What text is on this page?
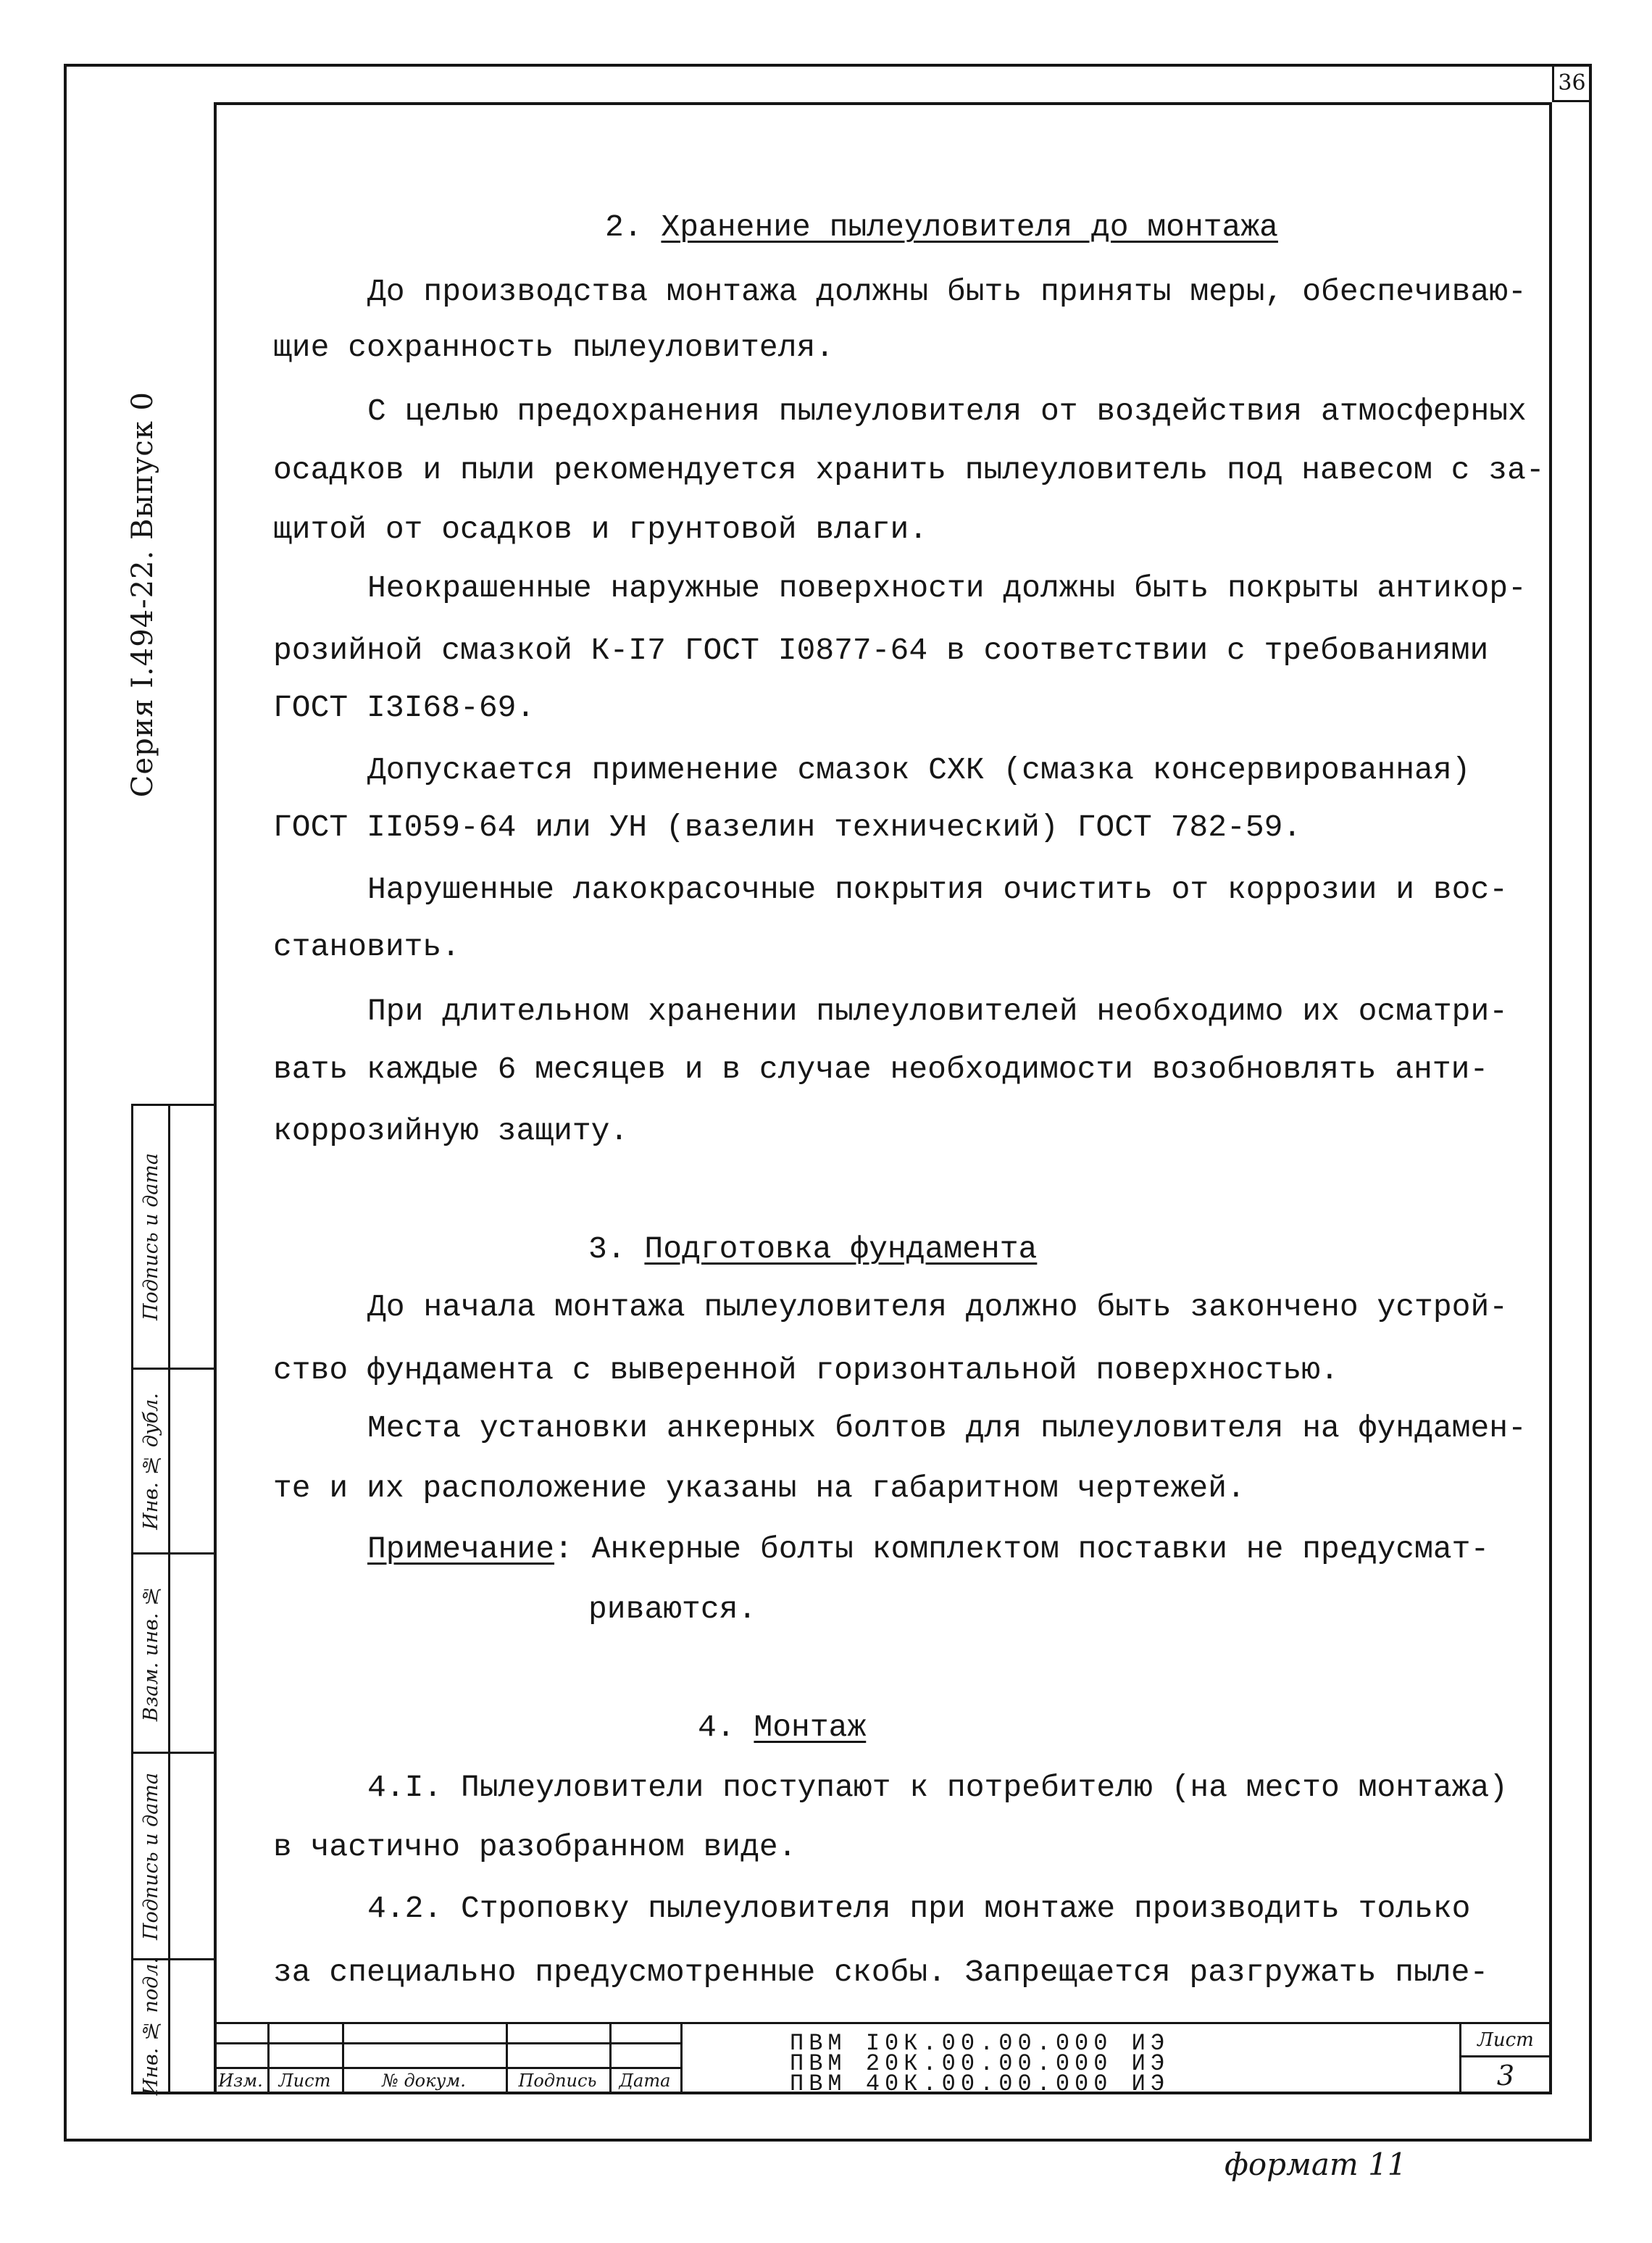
36
Серия I.494-22. Выпуск 0
Подпись и дата
Инв. № дубл.
Взам. инв. №
Подпись и дата
Инв. № подл.
2. Хранение пылеуловителя до монтажа
До производства монтажа должны быть приняты меры, обеспечиваю-
щие сохранность пылеуловителя.
С целью предохранения пылеуловителя от воздействия атмосферных
осадков и пыли рекомендуется хранить пылеуловитель под навесом с за-
щитой от осадков и грунтовой влаги.
Неокрашенные наружные поверхности должны быть покрыты антикор-
розийной смазкой К-I7 ГОСТ I0877-64 в соответствии с требованиями
ГОСТ I3I68-69.
Допускается применение смазок СХК (смазка консервированная)
ГОСТ II059-64 или УН (вазелин технический) ГОСТ 782-59.
Нарушенные лакокрасочные покрытия очистить от коррозии и вос-
становить.
При длительном хранении пылеуловителей необходимо их осматри-
вать каждые 6 месяцев и в случае необходимости возобновлять анти-
коррозийную защиту.
3. Подготовка фундамента
До начала монтажа пылеуловителя должно быть закончено устрой-
ство фундамента с выверенной горизонтальной поверхностью.
Места установки анкерных болтов для пылеуловителя на фундамен-
те и их расположение указаны на габаритном чертежей.
Примечание: Анкерные болты комплектом поставки не предусмат-
риваются.
4. Монтаж
4.I. Пылеуловители поступают к потребителю (на место монтажа)
в частично разобранном виде.
4.2. Строповку пылеуловителя при монтаже производить только
за специально предусмотренные скобы. Запрещается разгружать пыле-
Изм. Лист	№ докум.	Подпись	Дата
ПВМ I0К.00.00.000 ИЭ
ПВМ 20К.00.00.000 ИЭ
ПВМ 40К.00.00.000 ИЭ
Лист
3
формат 11
